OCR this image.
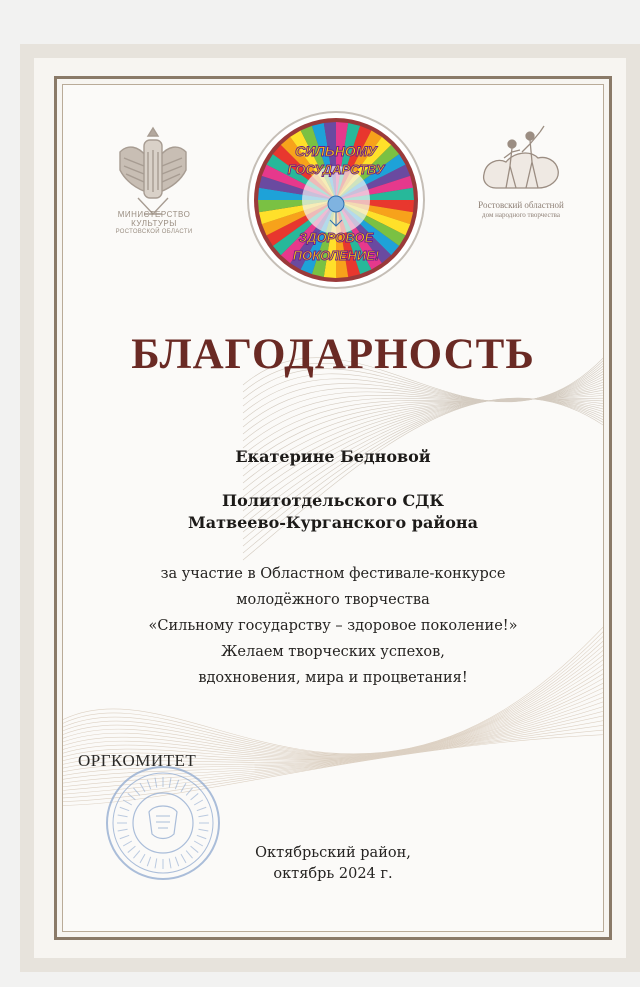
МИНИСТЕРСТВО
КУЛЬТУРЫ
РОСТОВСКОЙ ОБЛАСТИ
СИЛЬНОМУ
ГОСУДАРСТВУ
ЗДОРОВОЕ
ПОКОЛЕНИЕ!
Ростовский областной
дом народного творчества
БЛАГОДАРНОСТЬ
Екатерине Бедновой
Политотдельского СДК
Матвеево-Курганского района
за участие в Областном фестивале-конкурсе
молодёжного творчества
«Сильному государству – здоровое поколение!»
Желаем творческих успехов,
вдохновения, мира и процветания!
ОРГКОМИТЕТ
Октябрьский район,
октябрь 2024 г.
